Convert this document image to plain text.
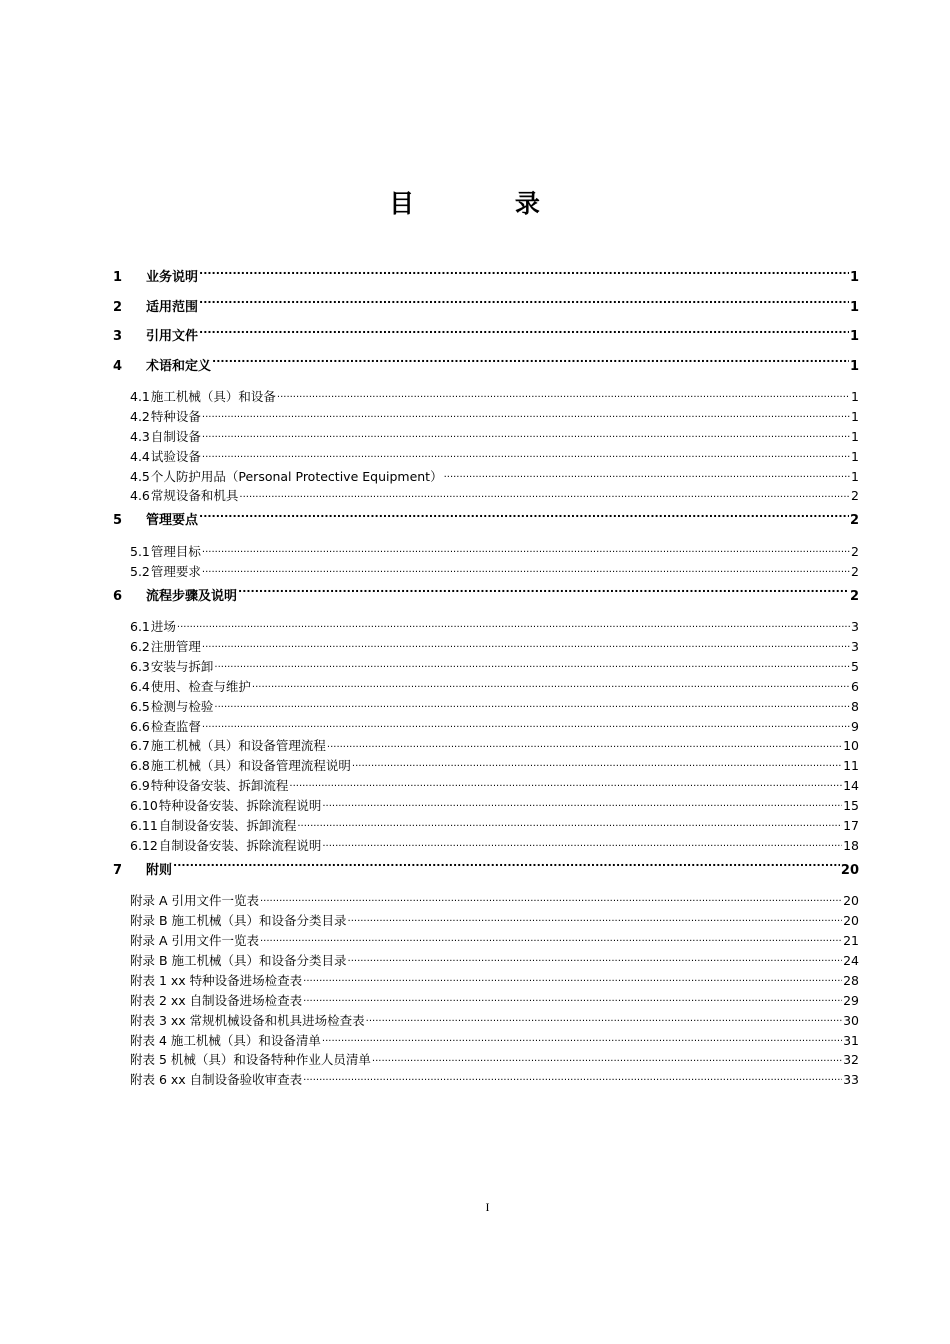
目 录
1	业务说明 .....	1
2	适用范围 .....	1
3	引用文件 .....	1
4	术语和定义 .....	1
4.1 施工机械（具）和设备 .....	1
4.2 特种设备 .....	1
4.3 自制设备 .....	1
4.4 试验设备 .....	1
4.5 个人防护用品（Personal Protective Equipment） .....	1
4.6 常规设备和机具 .....	2
5	管理要点 .....	2
5.1 管理目标 .....	2
5.2 管理要求 .....	2
6	流程步骤及说明 .....	2
6.1 进场 .....	3
6.2 注册管理 .....	3
6.3 安装与拆卸 .....	5
6.4 使用、检查与维护 .....	6
6.5 检测与检验 .....	8
6.6 检查监督 .....	9
6.7 施工机械（具）和设备管理流程 .....	10
6.8 施工机械（具）和设备管理流程说明 .....	11
6.9 特种设备安装、拆卸流程 .....	14
6.10 特种设备安装、拆除流程说明 .....	15
6.11 自制设备安装、拆卸流程 .....	17
6.12 自制设备安装、拆除流程说明 .....	18
7	附则 .....	20
附录 A 引用文件一览表 .....	20
附录 B 施工机械（具）和设备分类目录 .....	20
附录 A 引用文件一览表 .....	21
附录 B 施工机械（具）和设备分类目录 .....	24
附表 1 xx 特种设备进场检查表 .....	28
附表 2 xx 自制设备进场检查表 .....	29
附表 3 xx 常规机械设备和机具进场检查表 .....	30
附表 4 施工机械（具）和设备清单 .....	31
附表 5 机械（具）和设备特种作业人员清单 .....	32
附表 6 xx 自制设备验收审查表 .....	33
I
